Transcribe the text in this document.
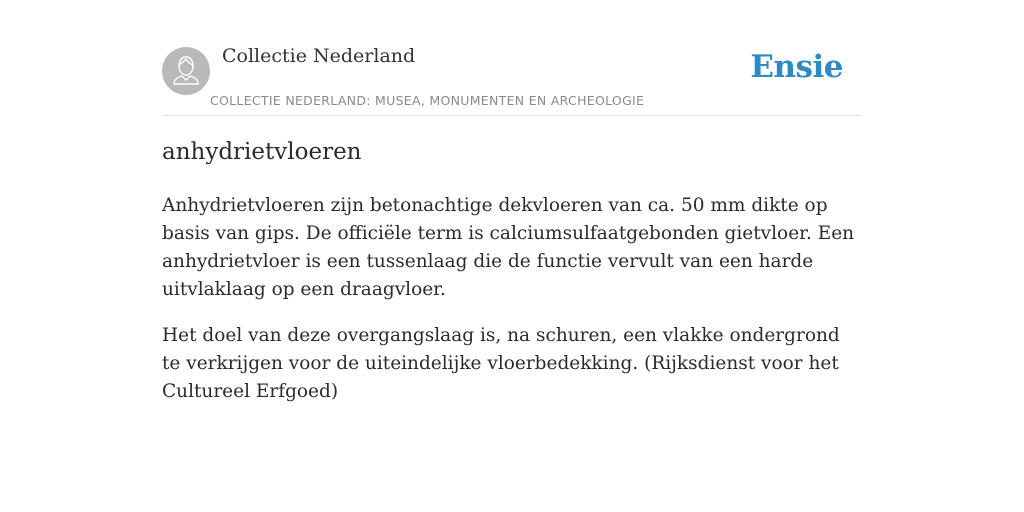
Collectie Nederland
COLLECTIE NEDERLAND: MUSEA, MONUMENTEN EN ARCHEOLOGIE
Ensie
anhydrietvloeren

Anhydrietvloeren zijn betonachtige dekvloeren van ca. 50 mm dikte op basis van gips. De officiële term is calciumsulfaatgebonden gietvloer. Een anhydrietvloer is een tussenlaag die de functie vervult van een harde uitvlaklaag op een draagvloer.

Het doel van deze overgangslaag is, na schuren, een vlakke ondergrond te verkrijgen voor de uiteindelijke vloerbedekking. (Rijksdienst voor het Cultureel Erfgoed)
